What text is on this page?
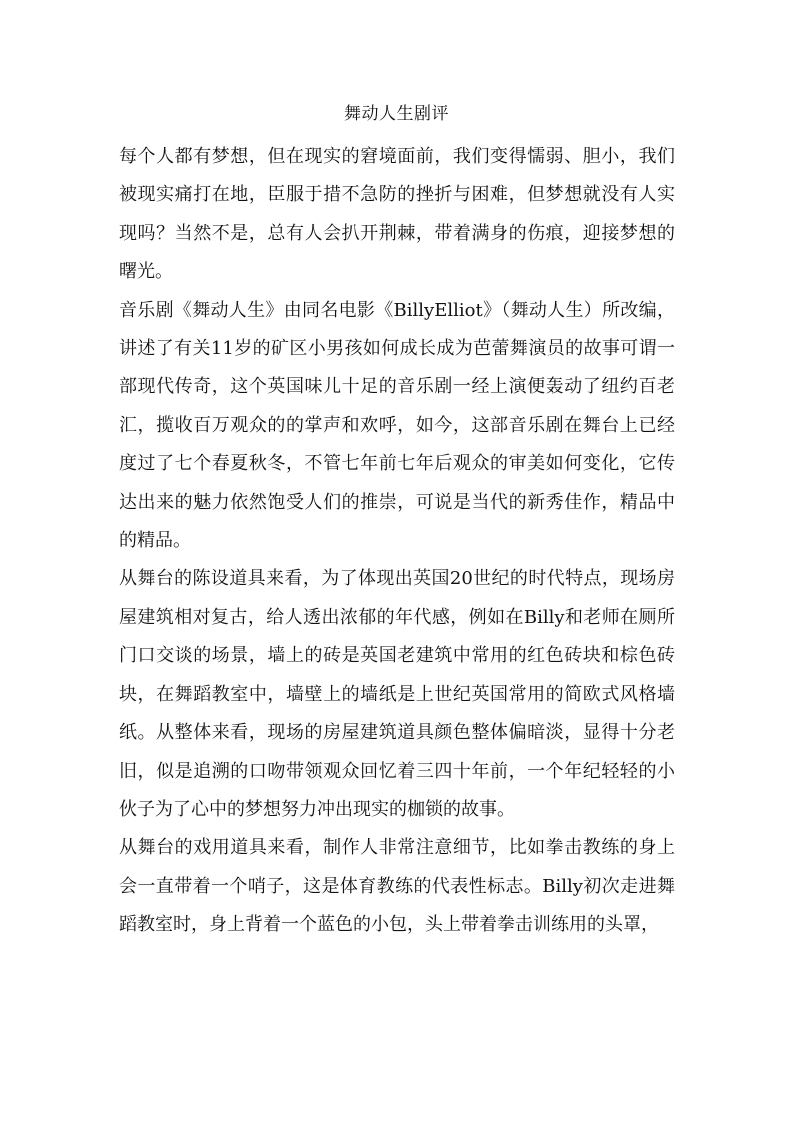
舞动人生剧评

每个人都有梦想，但在现实的窘境面前，我们变得懦弱、胆小，我们被现实痛打在地，臣服于措不急防的挫折与困难，但梦想就没有人实现吗？当然不是，总有人会扒开荆棘，带着满身的伤痕，迎接梦想的曙光。

音乐剧《舞动人生》由同名电影《BillyElliot》（舞动人生）所改编，讲述了有关11岁的矿区小男孩如何成长成为芭蕾舞演员的故事可谓一部现代传奇，这个英国味儿十足的音乐剧一经上演便轰动了纽约百老汇，揽收百万观众的的掌声和欢呼，如今，这部音乐剧在舞台上已经度过了七个春夏秋冬，不管七年前七年后观众的审美如何变化，它传达出来的魅力依然饱受人们的推崇，可说是当代的新秀佳作，精品中的精品。

从舞台的陈设道具来看，为了体现出英国20世纪的时代特点，现场房屋建筑相对复古，给人透出浓郁的年代感，例如在Billy和老师在厕所门口交谈的场景，墙上的砖是英国老建筑中常用的红色砖块和棕色砖块，在舞蹈教室中，墙壁上的墙纸是上世纪英国常用的简欧式风格墙纸。从整体来看，现场的房屋建筑道具颜色整体偏暗淡，显得十分老旧，似是追溯的口吻带领观众回忆着三四十年前，一个年纪轻轻的小伙子为了心中的梦想努力冲出现实的枷锁的故事。

从舞台的戏用道具来看，制作人非常注意细节，比如拳击教练的身上会一直带着一个哨子，这是体育教练的代表性标志。Billy初次走进舞蹈教室时，身上背着一个蓝色的小包，头上带着拳击训练用的头罩，
